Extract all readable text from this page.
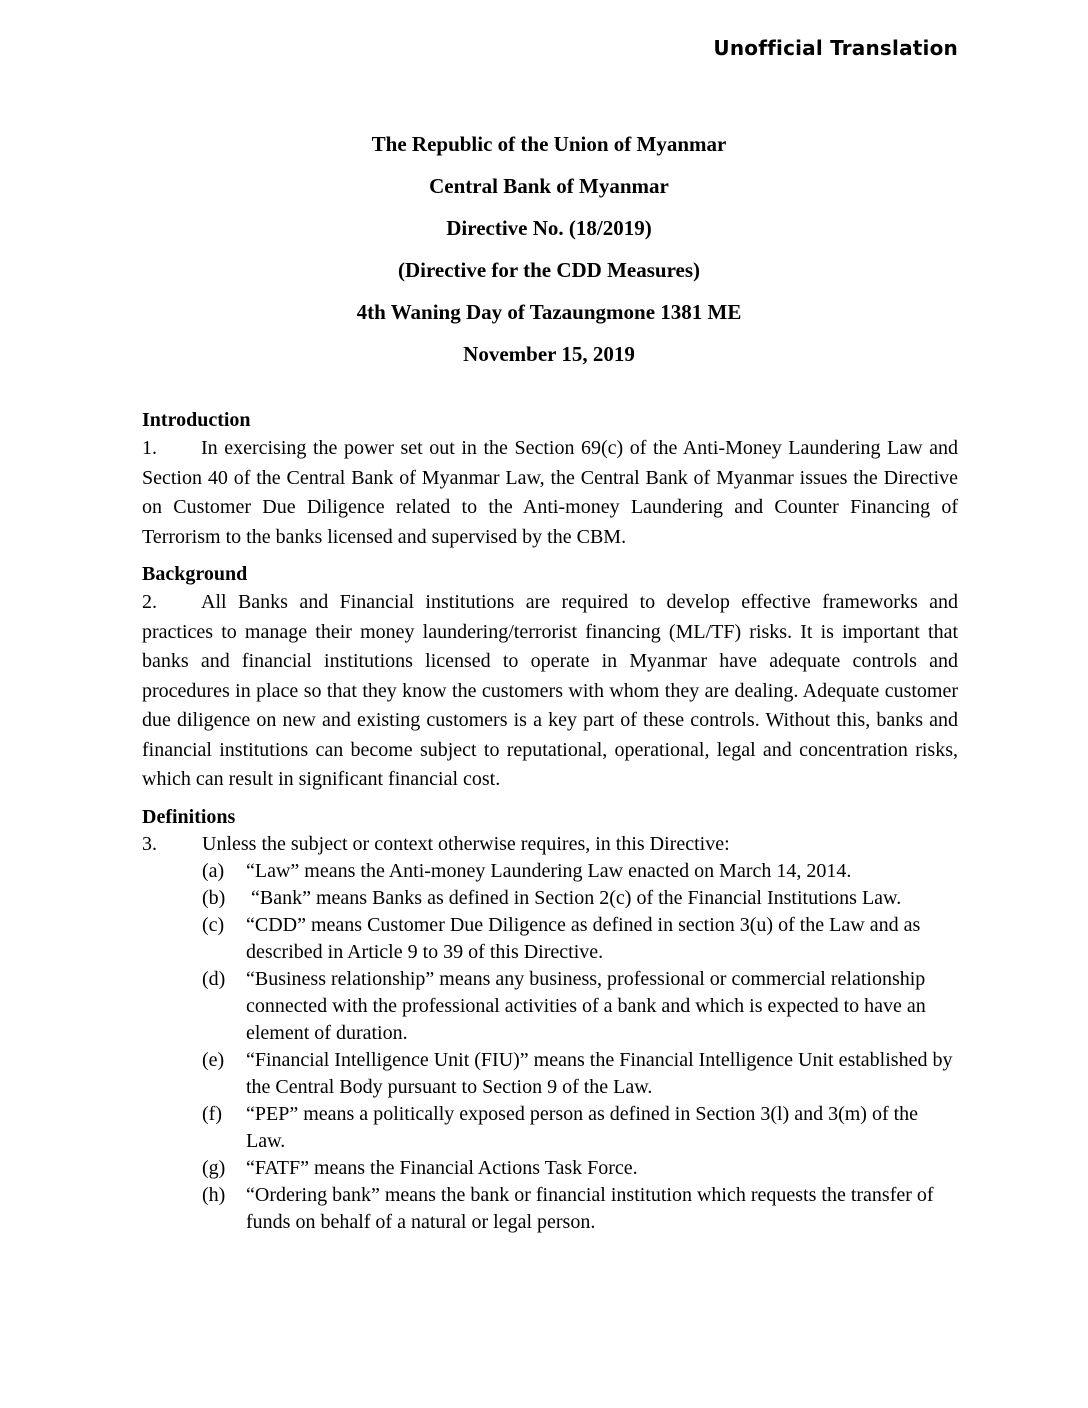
Unofficial Translation
The Republic of the Union of Myanmar
Central Bank of Myanmar
Directive No. (18/2019)
(Directive for the CDD Measures)
4th Waning Day of Tazaungmone 1381 ME
November 15, 2019
Introduction
1. In exercising the power set out in the Section 69(c) of the Anti-Money Laundering Law and Section 40 of the Central Bank of Myanmar Law, the Central Bank of Myanmar issues the Directive on Customer Due Diligence related to the Anti-money Laundering and Counter Financing of Terrorism to the banks licensed and supervised by the CBM.
Background
2. All Banks and Financial institutions are required to develop effective frameworks and practices to manage their money laundering/terrorist financing (ML/TF) risks. It is important that banks and financial institutions licensed to operate in Myanmar have adequate controls and procedures in place so that they know the customers with whom they are dealing. Adequate customer due diligence on new and existing customers is a key part of these controls. Without this, banks and financial institutions can become subject to reputational, operational, legal and concentration risks, which can result in significant financial cost.
Definitions
3.	Unless the subject or context otherwise requires, in this Directive:
(a)	“Law” means the Anti-money Laundering Law enacted on March 14, 2014.
(b)	“Bank” means Banks as defined in Section 2(c) of the Financial Institutions Law.
(c)	“CDD” means Customer Due Diligence as defined in section 3(u) of the Law and as described in Article 9 to 39 of this Directive.
(d)	“Business relationship” means any business, professional or commercial relationship connected with the professional activities of a bank and which is expected to have an element of duration.
(e)	“Financial Intelligence Unit (FIU)” means the Financial Intelligence Unit established by the Central Body pursuant to Section 9 of the Law.
(f)	“PEP” means a politically exposed person as defined in Section 3(l) and 3(m) of the Law.
(g)	“FATF” means the Financial Actions Task Force.
(h)	“Ordering bank” means the bank or financial institution which requests the transfer of funds on behalf of a natural or legal person.
